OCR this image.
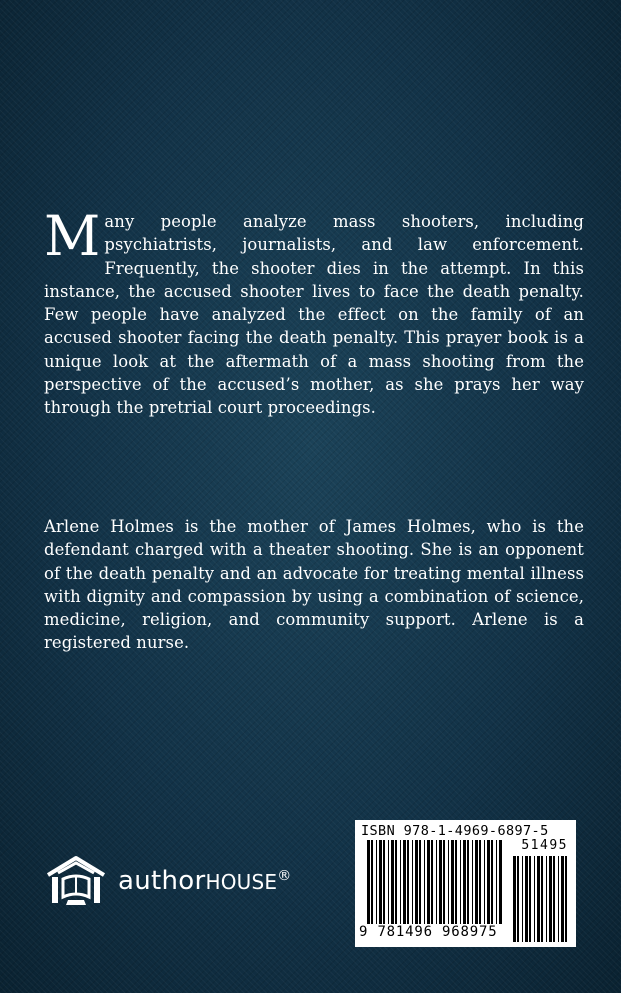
Many people analyze mass shooters, including psychiatrists, journalists, and law enforcement. Frequently, the shooter dies in the attempt. In this instance, the accused shooter lives to face the death penalty. Few people have analyzed the effect on the family of an accused shooter facing the death penalty. This prayer book is a unique look at the aftermath of a mass shooting from the perspective of the accused’s mother, as she prays her way through the pretrial court proceedings.

Arlene Holmes is the mother of James Holmes, who is the defendant charged with a theater shooting. She is an opponent of the death penalty and an advocate for treating mental illness with dignity and compassion by using a combination of science, medicine, religion, and community support. Arlene is a registered nurse.

authorHOUSE®
ISBN 978-1-4969-6897-5
51495
9 781496 968975
